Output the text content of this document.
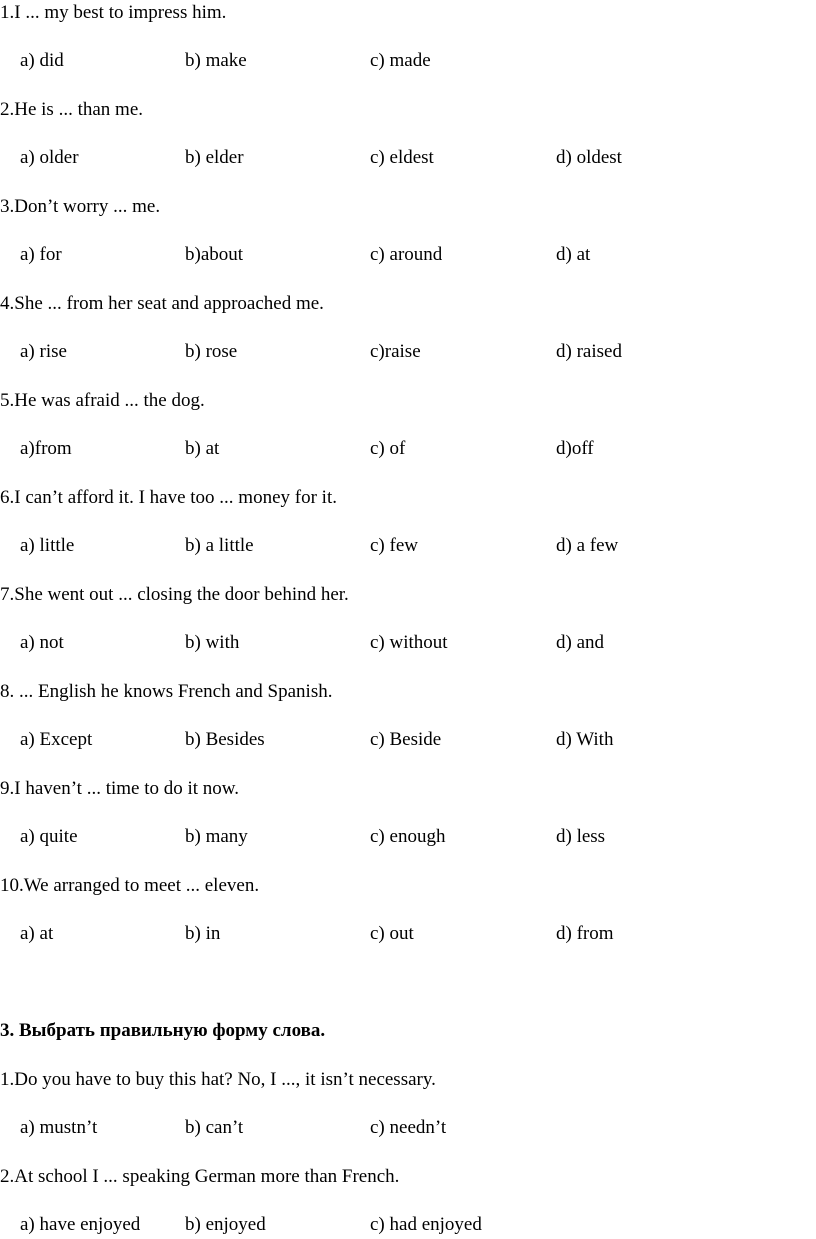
1.I ... my best to impress him.
a) did	b) make	c) made
2.He is ... than me.
a) older	b) elder	c) eldest	d) oldest
3.Don’t worry ... me.
a) for	b)about	c) around	d) at
4.She ... from her seat and approached me.
a) rise	b) rose	c)raise	d) raised
5.He was afraid ... the dog.
a)from	b) at	c) of	d)off
6.I can’t afford it. I have too ... money for it.
a) little	b) a little	c) few	d) a few
7.She went out ... closing the door behind her.
a) not	b) with	c) without	d) and
8. ... English he knows French and Spanish.
a) Except	b) Besides	c) Beside	d) With
9.I haven’t ... time to do it now.
a) quite	b) many	c) enough	d) less
10.We arranged to meet ... eleven.
a) at	b) in	c) out	d) from
3. Выбрать правильную форму слова.
1.Do you have to buy this hat? No, I ..., it isn’t necessary.
a) mustn’t	b) can’t	c) needn’t
2.At school I ... speaking German more than French.
a) have enjoyed b) enjoyed	c) had enjoyed
